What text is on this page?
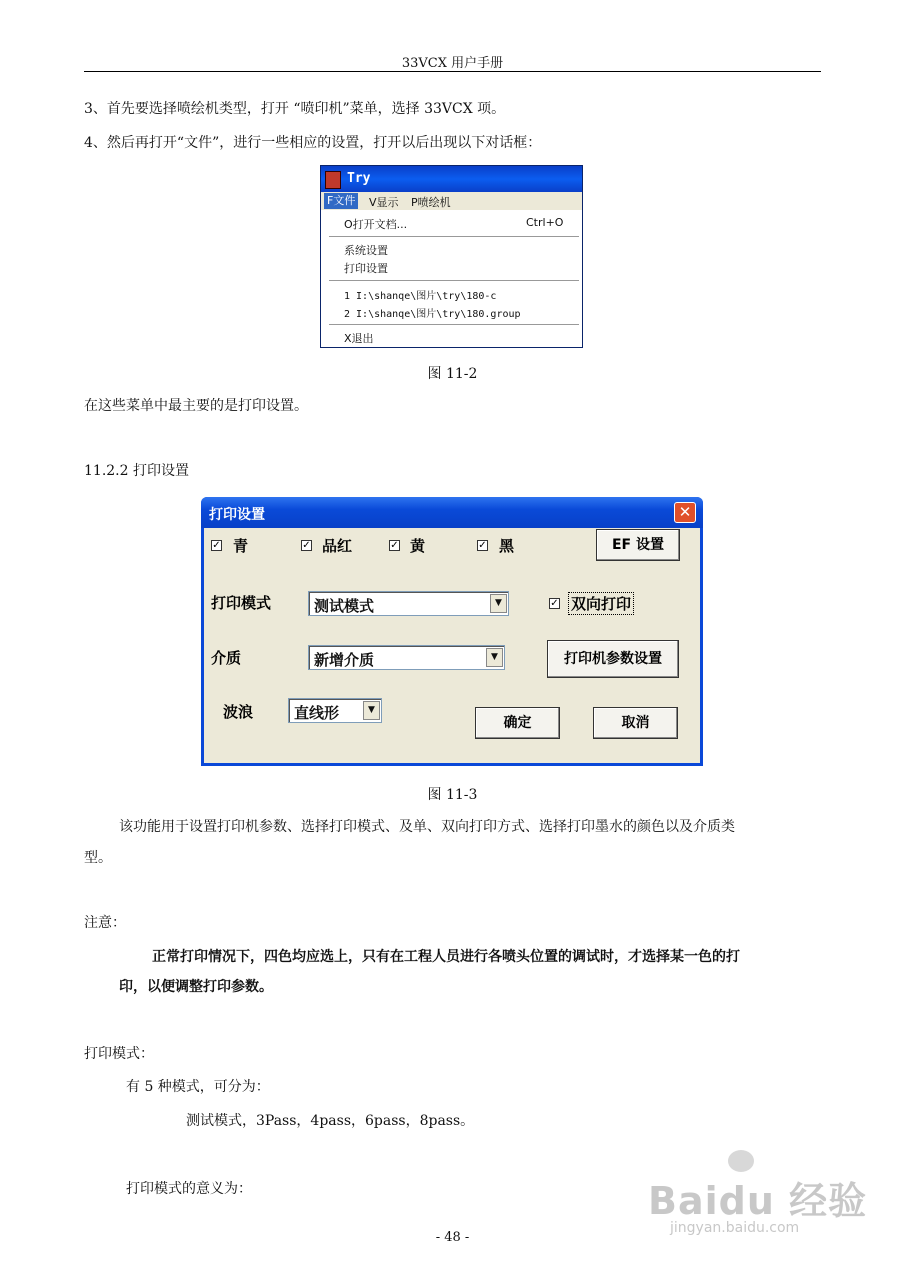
33VCX 用户手册
3、首先要选择喷绘机类型，打开 “喷印机”菜单，选择 33VCX 项。
4、然后再打开“文件”，进行一些相应的设置，打开以后出现以下对话框：
Try
F文件 V显示 P喷绘机
O打开文档...	Ctrl+O
系统设置
打印设置
1 I:\shanqe\图片\try\180-c
2 I:\shanqe\图片\try\180.group
X退出
图 11-2
在这些菜单中最主要的是打印设置。
11.2.2 打印设置
打印设置	✕
✓ 青	✓ 品红	✓ 黄	✓ 黑	EF 设置
打印模式	测试模式	▼	✓ 双向打印
介质	新增介质	▼	打印机参数设置
波浪	直线形	▼
确定	取消
图 11-3
该功能用于设置打印机参数、选择打印模式、及单、双向打印方式、选择打印墨水的颜色以及介质类
型。
注意：
正常打印情况下，四色均应选上，只有在工程人员进行各喷头位置的调试时，才选择某一色的打
印，以便调整打印参数。
打印模式：
有 5 种模式，可分为：
测试模式，3Pass，4pass，6pass，8pass。
打印模式的意义为：	Baidu 经验
jingyan.baidu.com
- 48 -
